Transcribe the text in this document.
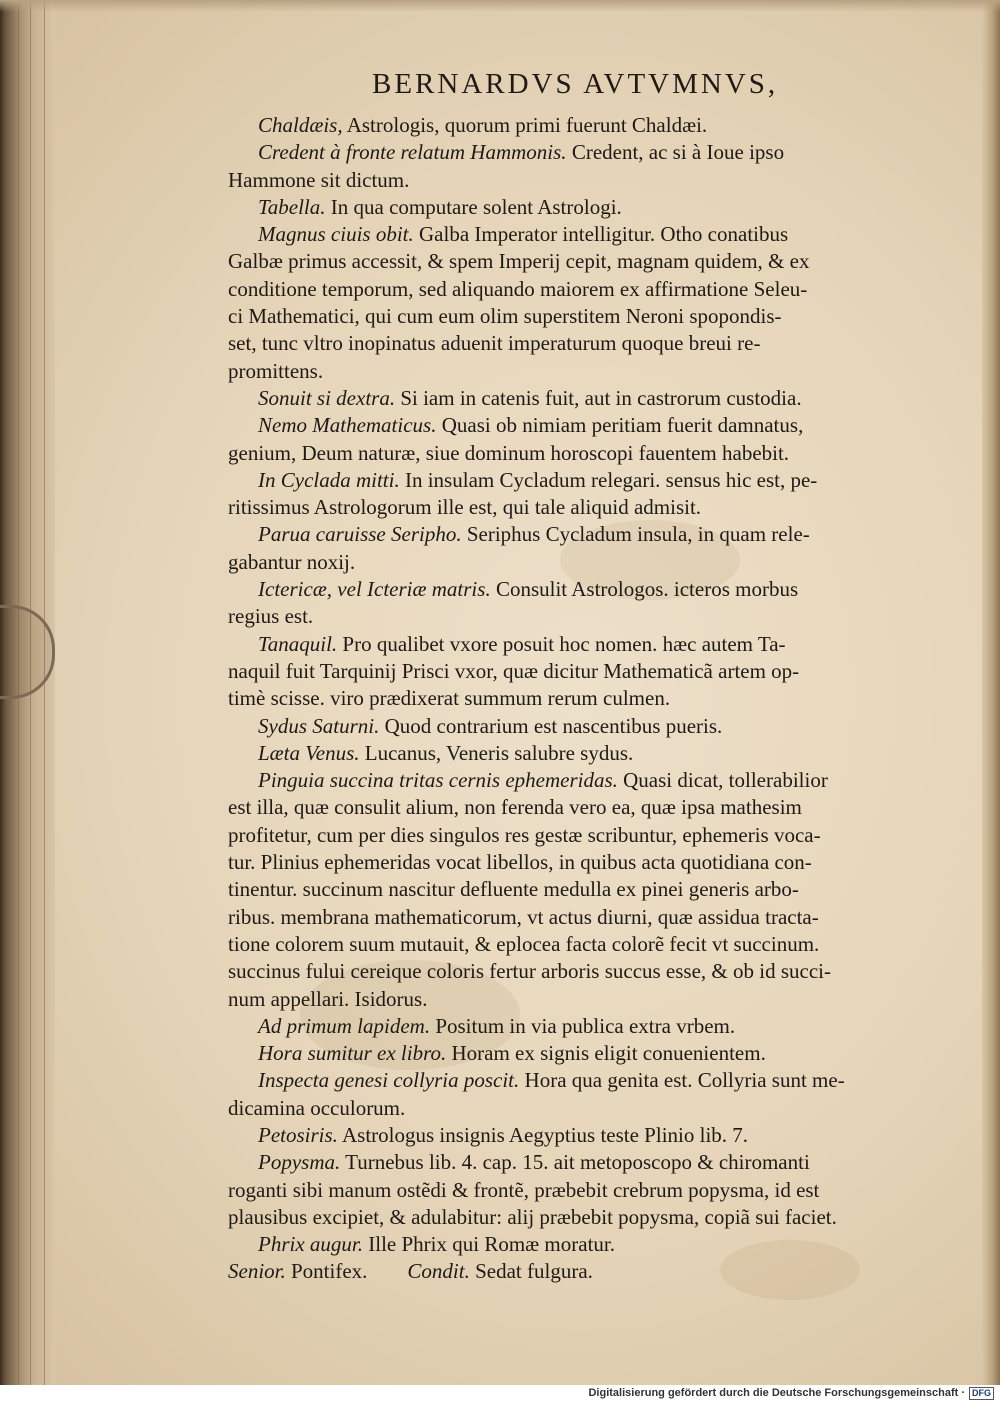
BERNARDVS AVTVMNVS,
Chaldæis, Astrologis, quorum primi fuerunt Chaldæi.
Credent à fronte relatum Hammonis. Credent, ac si à Ioue ipso
Hammone sit dictum.
Tabella. In qua computare solent Astrologi.
Magnus ciuis obit. Galba Imperator intelligitur. Otho conatibus
Galbæ primus accessit, & spem Imperij cepit, magnam quidem, & ex
conditione temporum, sed aliquando maiorem ex affirmatione Seleu-
ci Mathematici, qui cum eum olim superstitem Neroni spopondis-
set, tunc vltro inopinatus aduenit imperaturum quoque breui re-
promittens.
Sonuit si dextra. Si iam in catenis fuit, aut in castrorum custodia.
Nemo Mathematicus. Quasi ob nimiam peritiam fuerit damnatus,
genium, Deum naturæ, siue dominum horoscopi fauentem habebit.
In Cyclada mitti. In insulam Cycladum relegari. sensus hic est, pe-
ritissimus Astrologorum ille est, qui tale aliquid admisit.
Parua caruisse Seripho. Seriphus Cycladum insula, in quam rele-
gabantur noxij.
Ictericæ, vel Icteriæ matris. Consulit Astrologos. icteros morbus
regius est.
Tanaquil. Pro qualibet vxore posuit hoc nomen. hæc autem Ta-
naquil fuit Tarquinij Prisci vxor, quæ dicitur Mathematicã artem op-
timè scisse. viro prædixerat summum rerum culmen.
Sydus Saturni. Quod contrarium est nascentibus pueris.
Læta Venus. Lucanus, Veneris salubre sydus.
Pinguia succina tritas cernis ephemeridas. Quasi dicat, tollerabilior
est illa, quæ consulit alium, non ferenda vero ea, quæ ipsa mathesim
profitetur, cum per dies singulos res gestæ scribuntur, ephemeris voca-
tur. Plinius ephemeridas vocat libellos, in quibus acta quotidiana con-
tinentur. succinum nascitur defluente medulla ex pinei generis arbo-
ribus. membrana mathematicorum, vt actus diurni, quæ assidua tracta-
tione colorem suum mutauit, & eplocea facta colorẽ fecit vt succinum.
succinus fului cereique coloris fertur arboris succus esse, & ob id succi-
num appellari. Isidorus.
Ad primum lapidem. Positum in via publica extra vrbem.
Hora sumitur ex libro. Horam ex signis eligit conuenientem.
Inspecta genesi collyria poscit. Hora qua genita est. Collyria sunt me-
dicamina occulorum.
Petosiris. Astrologus insignis Aegyptius teste Plinio lib. 7.
Popysma. Turnebus lib. 4. cap. 15. ait metoposcopo & chiromanti
roganti sibi manum ostẽdi & frontẽ, præbebit crebrum popysma, id est
plausibus excipiet, & adulabitur: alij præbebit popysma, copiã sui faciet.
Phrix augur. Ille Phrix qui Romæ moratur.
Senior. Pontifex. Condit. Sedat fulgura.
Digitalisierung gefördert durch die Deutsche Forschungsgemeinschaft · DFG
